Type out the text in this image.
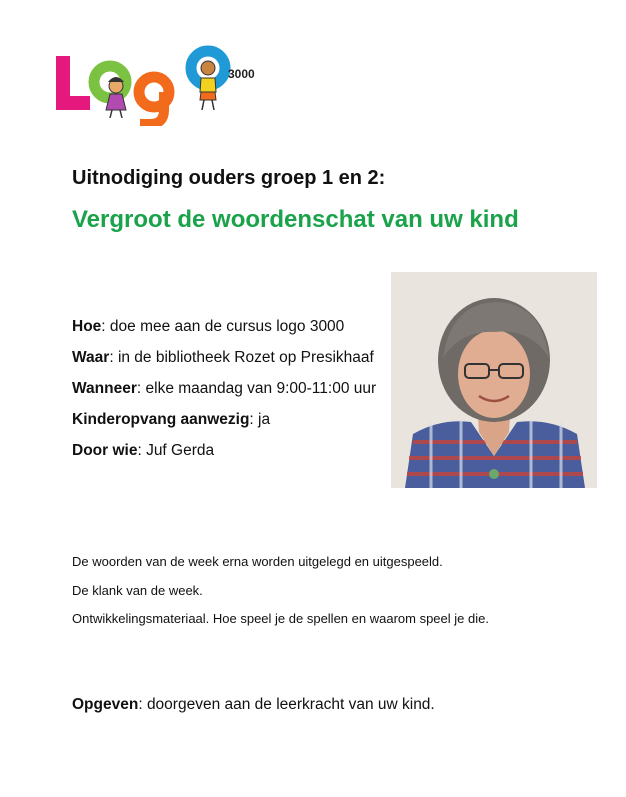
3000
Uitnodiging ouders groep 1 en 2:
Vergroot de woordenschat van uw kind
Hoe: doe mee aan de cursus logo 3000
Waar: in de bibliotheek Rozet op Presikhaaf
Wanneer: elke maandag van 9:00-11:00 uur
Kinderopvang aanwezig: ja
Door wie: Juf Gerda
De woorden van de week erna worden uitgelegd en uitgespeeld.
De klank van de week.
Ontwikkelingsmateriaal. Hoe speel je de spellen en waarom speel je die.
Opgeven: doorgeven aan de leerkracht van uw kind.
